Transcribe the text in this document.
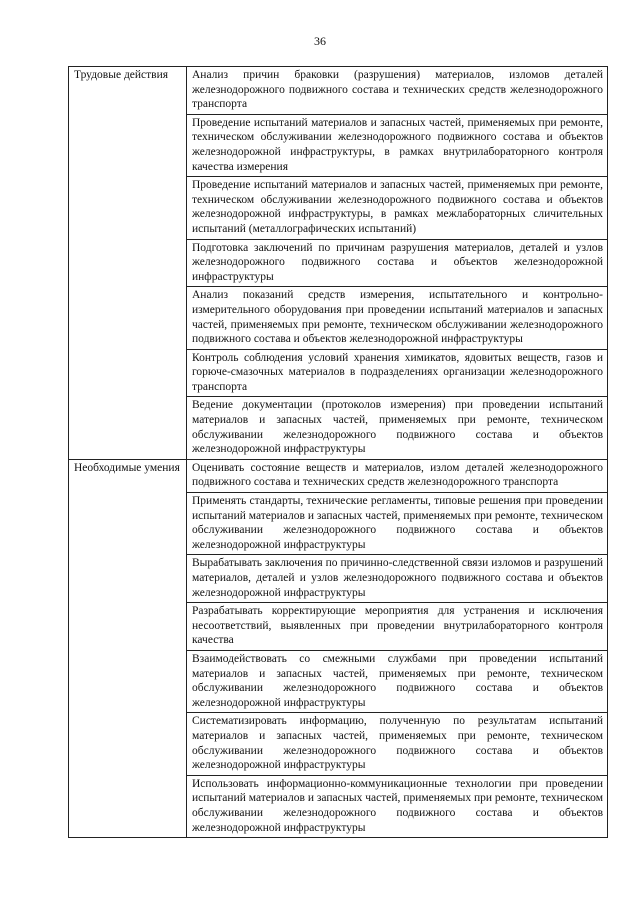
36
Трудовые действия	Анализ причин браковки (разрушения) материалов, изломов деталей железнодорожного подвижного состава и технических средств железнодорожного транспорта
	Проведение испытаний материалов и запасных частей, применяемых при ремонте, техническом обслуживании железнодорожного подвижного состава и объектов железнодорожной инфраструктуры, в рамках внутрилабораторного контроля качества измерения
	Проведение испытаний материалов и запасных частей, применяемых при ремонте, техническом обслуживании железнодорожного подвижного состава и объектов железнодорожной инфраструктуры, в рамках межлабораторных сличительных испытаний (металлографических испытаний)
	Подготовка заключений по причинам разрушения материалов, деталей и узлов железнодорожного подвижного состава и объектов железнодорожной инфраструктуры
	Анализ показаний средств измерения, испытательного и контрольно-измерительного оборудования при проведении испытаний материалов и запасных частей, применяемых при ремонте, техническом обслуживании железнодорожного подвижного состава и объектов железнодорожной инфраструктуры
	Контроль соблюдения условий хранения химикатов, ядовитых веществ, газов и горюче-смазочных материалов в подразделениях организации железнодорожного транспорта
	Ведение документации (протоколов измерения) при проведении испытаний материалов и запасных частей, применяемых при ремонте, техническом обслуживании железнодорожного подвижного состава и объектов железнодорожной инфраструктуры
Необходимые умения	Оценивать состояние веществ и материалов, излом деталей железнодорожного подвижного состава и технических средств железнодорожного транспорта
	Применять стандарты, технические регламенты, типовые решения при проведении испытаний материалов и запасных частей, применяемых при ремонте, техническом обслуживании железнодорожного подвижного состава и объектов железнодорожной инфраструктуры
	Вырабатывать заключения по причинно-следственной связи изломов и разрушений материалов, деталей и узлов железнодорожного подвижного состава и объектов железнодорожной инфраструктуры
	Разрабатывать корректирующие мероприятия для устранения и исключения несоответствий, выявленных при проведении внутрилабораторного контроля качества
	Взаимодействовать со смежными службами при проведении испытаний материалов и запасных частей, применяемых при ремонте, техническом обслуживании железнодорожного подвижного состава и объектов железнодорожной инфраструктуры
	Систематизировать информацию, полученную по результатам испытаний материалов и запасных частей, применяемых при ремонте, техническом обслуживании железнодорожного подвижного состава и объектов железнодорожной инфраструктуры
	Использовать информационно-коммуникационные технологии при проведении испытаний материалов и запасных частей, применяемых при ремонте, техническом обслуживании железнодорожного подвижного состава и объектов железнодорожной инфраструктуры
